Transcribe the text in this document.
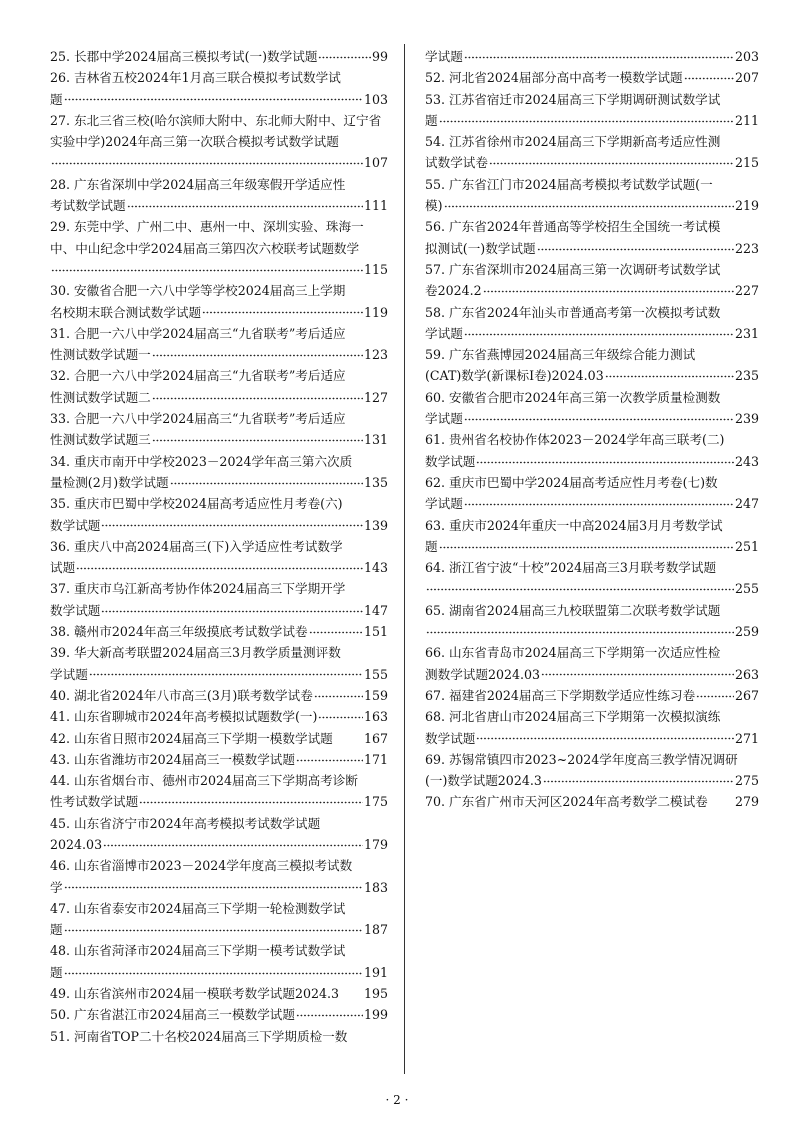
25. 长郡中学2024届高三模拟考试(一)数学试题	99
26. 吉林省五校2024年1月高三联合模拟考试数学试
题	103
27. 东北三省三校(哈尔滨师大附中、东北师大附中、辽宁省
实验中学)2024年高三第一次联合模拟考试数学试题
107
28. 广东省深圳中学2024届高三年级寒假开学适应性
考试数学试题	111
29. 东莞中学、广州二中、惠州一中、深圳实验、珠海一
中、中山纪念中学2024届高三第四次六校联考试题数学
115
30. 安徽省合肥一六八中学等学校2024届高三上学期
名校期末联合测试数学试题	119
31. 合肥一六八中学2024届高三“九省联考”考后适应
性测试数学试题一	123
32. 合肥一六八中学2024届高三“九省联考”考后适应
性测试数学试题二	127
33. 合肥一六八中学2024届高三“九省联考”考后适应
性测试数学试题三	131
34. 重庆市南开中学校2023－2024学年高三第六次质
量检测(2月)数学试题	135
35. 重庆市巴蜀中学校2024届高考适应性月考卷(六)
数学试题	139
36. 重庆八中高2024届高三(下)入学适应性考试数学
试题	143
37. 重庆市乌江新高考协作体2024届高三下学期开学
数学试题	147
38. 赣州市2024年高三年级摸底考试数学试卷	151
39. 华大新高考联盟2024届高三3月教学质量测评数
学试题	155
40. 湖北省2024年八市高三(3月)联考数学试卷	159
41. 山东省聊城市2024年高考模拟试题数学(一)	163
42. 山东省日照市2024届高三下学期一模数学试题 167
43. 山东省潍坊市2024届高三一模数学试题	171
44. 山东省烟台市、德州市2024届高三下学期高考诊断
性考试数学试题	175
45. 山东省济宁市2024年高考模拟考试数学试题
2024.03	179
46. 山东省淄博市2023－2024学年度高三模拟考试数
学	183
47. 山东省泰安市2024届高三下学期一轮检测数学试
题	187
48. 山东省菏泽市2024届高三下学期一模考试数学试
题	191
49. 山东省滨州市2024届一模联考数学试题2024.3 195
50. 广东省湛江市2024届高三一模数学试题	199
51. 河南省TOP二十名校2024届高三下学期质检一数
学试题	203
52. 河北省2024届部分高中高考一模数学试题	207
53. 江苏省宿迁市2024届高三下学期调研测试数学试
题	211
54. 江苏省徐州市2024届高三下学期新高考适应性测
试数学试卷	215
55. 广东省江门市2024届高考模拟考试数学试题(一
模)	219
56. 广东省2024年普通高等学校招生全国统一考试模
拟测试(一)数学试题	223
57. 广东省深圳市2024届高三第一次调研考试数学试
卷2024.2	227
58. 广东省2024年汕头市普通高考第一次模拟考试数
学试题	231
59. 广东省燕博园2024届高三年级综合能力测试
(CAT)数学(新课标Ⅰ卷)2024.03	235
60. 安徽省合肥市2024年高三第一次教学质量检测数
学试题	239
61. 贵州省名校协作体2023－2024学年高三联考(二)
数学试题	243
62. 重庆市巴蜀中学2024届高考适应性月考卷(七)数
学试题	247
63. 重庆市2024年重庆一中高2024届3月月考数学试
题	251
64. 浙江省宁波“十校”2024届高三3月联考数学试题
255
65. 湖南省2024届高三九校联盟第二次联考数学试题
259
66. 山东省青岛市2024届高三下学期第一次适应性检
测数学试题2024.03	263
67. 福建省2024届高三下学期数学适应性练习卷	267
68. 河北省唐山市2024届高三下学期第一次模拟演练
数学试题	271
69. 苏锡常镇四市2023~2024学年度高三教学情况调研
(一)数学试题2024.3	275
70. 广东省广州市天河区2024年高考数学二模试卷 279
· 2 ·
